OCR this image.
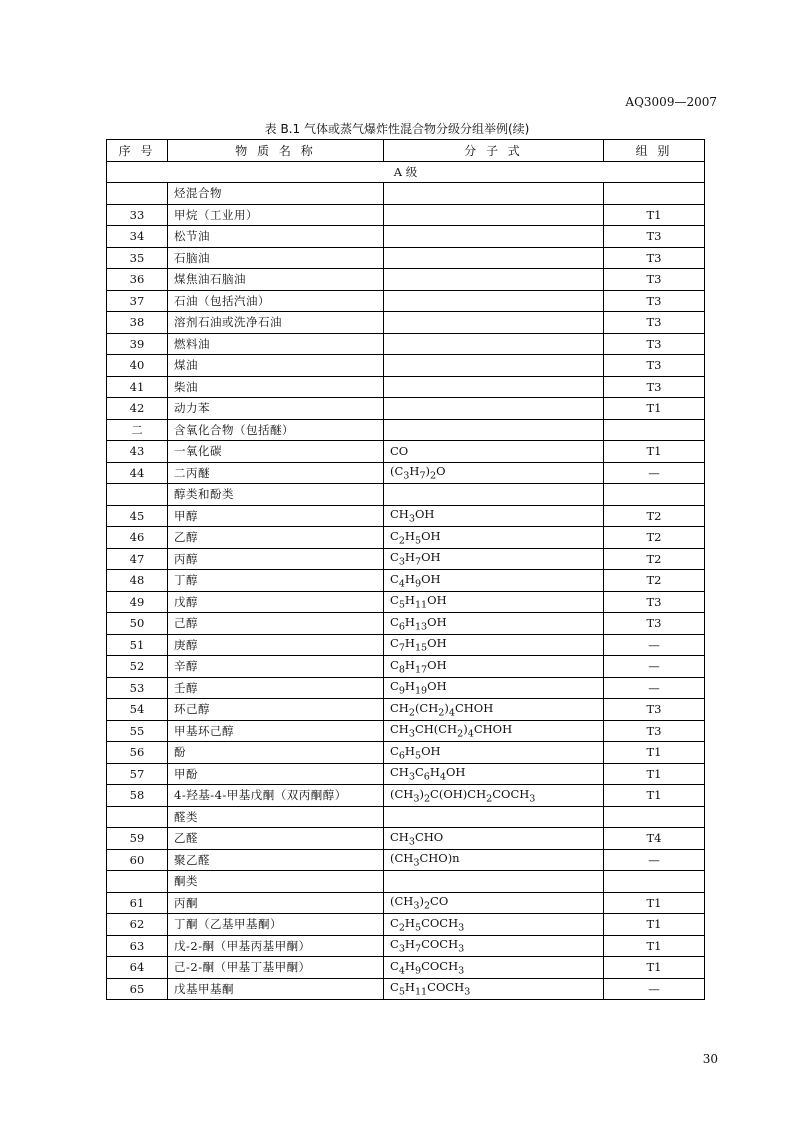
AQ3009—2007
表 B.1 气体或蒸气爆炸性混合物分级分组举例(续)
序 号	物 质 名 称	分 子 式	组 别
A 级			
	烃混合物		
33	甲烷（工业用）		T1
34	松节油		T3
35	石脑油		T3
36	煤焦油石脑油		T3
37	石油（包括汽油）		T3
38	溶剂石油或洗净石油		T3
39	燃料油		T3
40	煤油		T3
41	柴油		T3
42	动力苯		T1
二	含氧化合物（包括醚）		
43	一氧化碳	CO	T1
44	二丙醚	$(C_3H_7)_2O$	—
	醇类和酚类		
45	甲醇	$CH_3OH$	T2
46	乙醇	$C_2H_5OH$	T2
47	丙醇	$C_3H_7OH$	T2
48	丁醇	$C_4H_9OH$	T2
49	戊醇	$C_5H_{11}OH$	T3
50	己醇	$C_6H_{13}OH$	T3
51	庚醇	$C_7H_{15}OH$	—
52	辛醇	$C_8H_{17}OH$	—
53	壬醇	$C_9H_{19}OH$	—
54	环己醇	$CH_2(CH_2)_4CHOH$	T3
55	甲基环己醇	$CH_3CH(CH_2)_4CHOH$	T3
56	酚	$C_6H_5OH$	T1
57	甲酚	$CH_3C_6H_4OH$	T1
58	4-羟基-4-甲基戊酮（双丙酮醇）	$(CH_3)_2C(OH)CH_2COCH_3$	T1
	醛类		
59	乙醛	$CH_3CHO$	T4
60	聚乙醛	$(CH_3CHO)n$	—
	酮类		
61	丙酮	$(CH_3)_2CO$	T1
62	丁酮（乙基甲基酮）	$C_2H_5COCH_3$	T1
63	戊-2-酮（甲基丙基甲酮）	$C_3H_7COCH_3$	T1
64	己-2-酮（甲基丁基甲酮）	$C_4H_9COCH_3$	T1
65	戊基甲基酮	$C_5H_{11}COCH_3$	—
30
